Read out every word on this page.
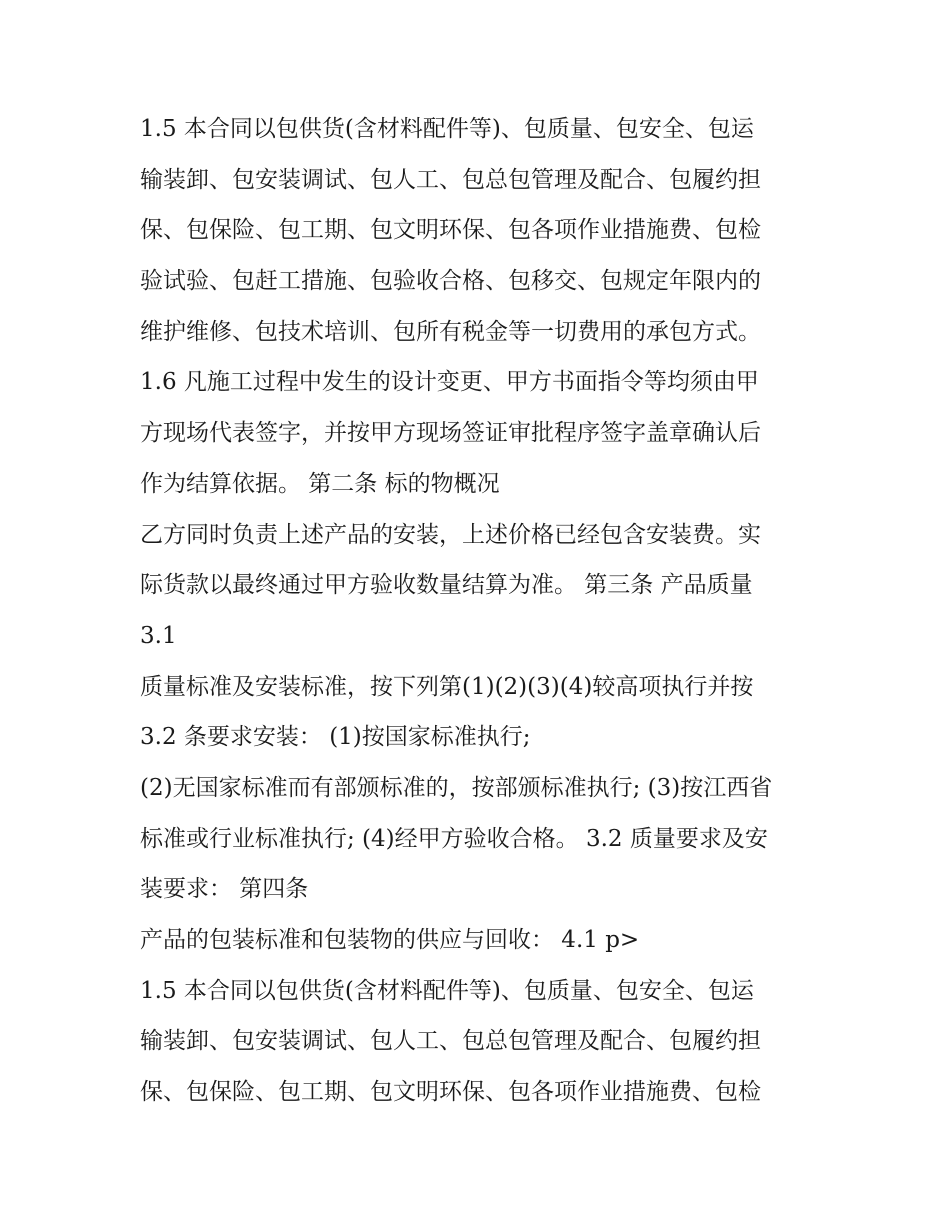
1.5 本合同以包供货(含材料配件等)、包质量、包安全、包运
输装卸、包安装调试、包人工、包总包管理及配合、包履约担
保、包保险、包工期、包文明环保、包各项作业措施费、包检
验试验、包赶工措施、包验收合格、包移交、包规定年限内的
维护维修、包技术培训、包所有税金等一切费用的承包方式。
1.6 凡施工过程中发生的设计变更、甲方书面指令等均须由甲
方现场代表签字，并按甲方现场签证审批程序签字盖章确认后
作为结算依据。 第二条 标的物概况
乙方同时负责上述产品的安装，上述价格已经包含安装费。实
际货款以最终通过甲方验收数量结算为准。 第三条 产品质量
3.1
质量标准及安装标准，按下列第(1)(2)(3)(4)较高项执行并按
3.2 条要求安装： (1)按国家标准执行;
(2)无国家标准而有部颁标准的，按部颁标准执行; (3)按江西省
标准或行业标准执行; (4)经甲方验收合格。 3.2 质量要求及安
装要求： 第四条
产品的包装标准和包装物的供应与回收： 4.1 p>
1.5 本合同以包供货(含材料配件等)、包质量、包安全、包运
输装卸、包安装调试、包人工、包总包管理及配合、包履约担
保、包保险、包工期、包文明环保、包各项作业措施费、包检
